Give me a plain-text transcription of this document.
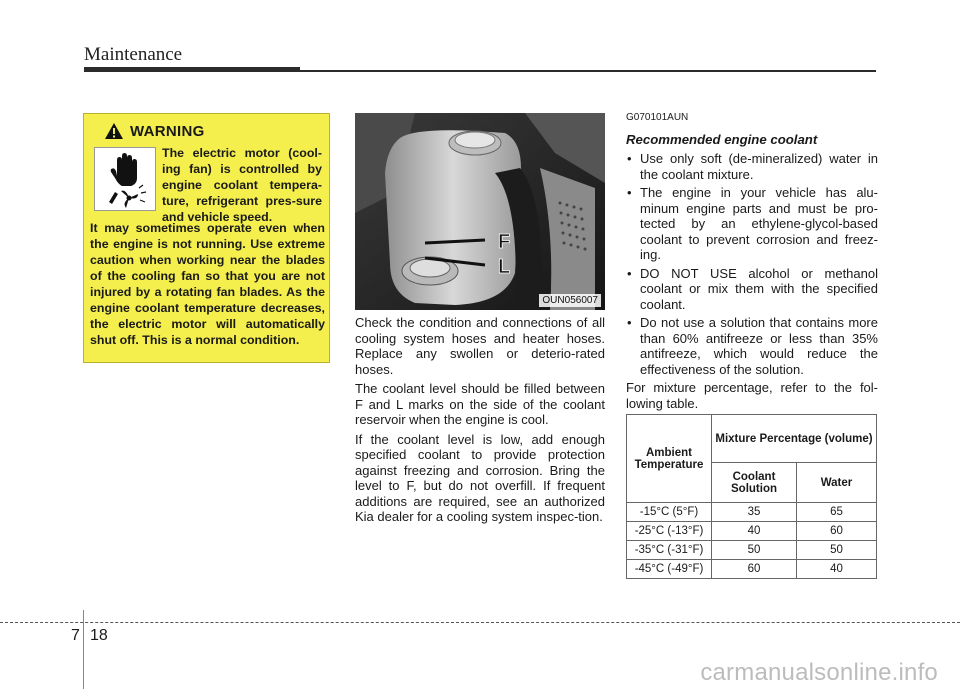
Maintenance
WARNING
The electric motor (cool-ing fan) is controlled by engine coolant tempera-ture, refrigerant pres-sure and vehicle speed.
It may sometimes operate even when the engine is not running. Use extreme caution when working near the blades of the cooling fan so that you are not injured by a rotating fan blades. As the engine coolant temperature decreases, the electric motor will automatically shut off. This is a normal condition.
F
L
OUN056007

Check the condition and connections of all cooling system hoses and heater hoses. Replace any swollen or deterio-rated hoses.

The coolant level should be filled between F and L marks on the side of the coolant reservoir when the engine is cool.

If the coolant level is low, add enough specified coolant to provide protection against freezing and corrosion. Bring the level to F, but do not overfill. If frequent additions are required, see an authorized Kia dealer for a cooling system inspec-tion.

G070101AUN
Recommended engine coolant
• Use only soft (de-mineralized) water in the coolant mixture.
• The engine in your vehicle has alu-minum engine parts and must be pro-tected by an ethylene-glycol-based coolant to prevent corrosion and freez-ing.
• DO NOT USE alcohol or methanol coolant or mix them with the specified coolant.
• Do not use a solution that contains more than 60% antifreeze or less than 35% antifreeze, which would reduce the effectiveness of the solution.

For mixture percentage, refer to the fol-lowing table.

Ambient Temperature	Mixture Percentage (volume)	
	Coolant Solution	Water
-15°C (5°F)	35	65
-25°C (-13°F)	40	60
-35°C (-31°F)	50	50
-45°C (-49°F)	60	40
7 18
carmanualsonline.info
